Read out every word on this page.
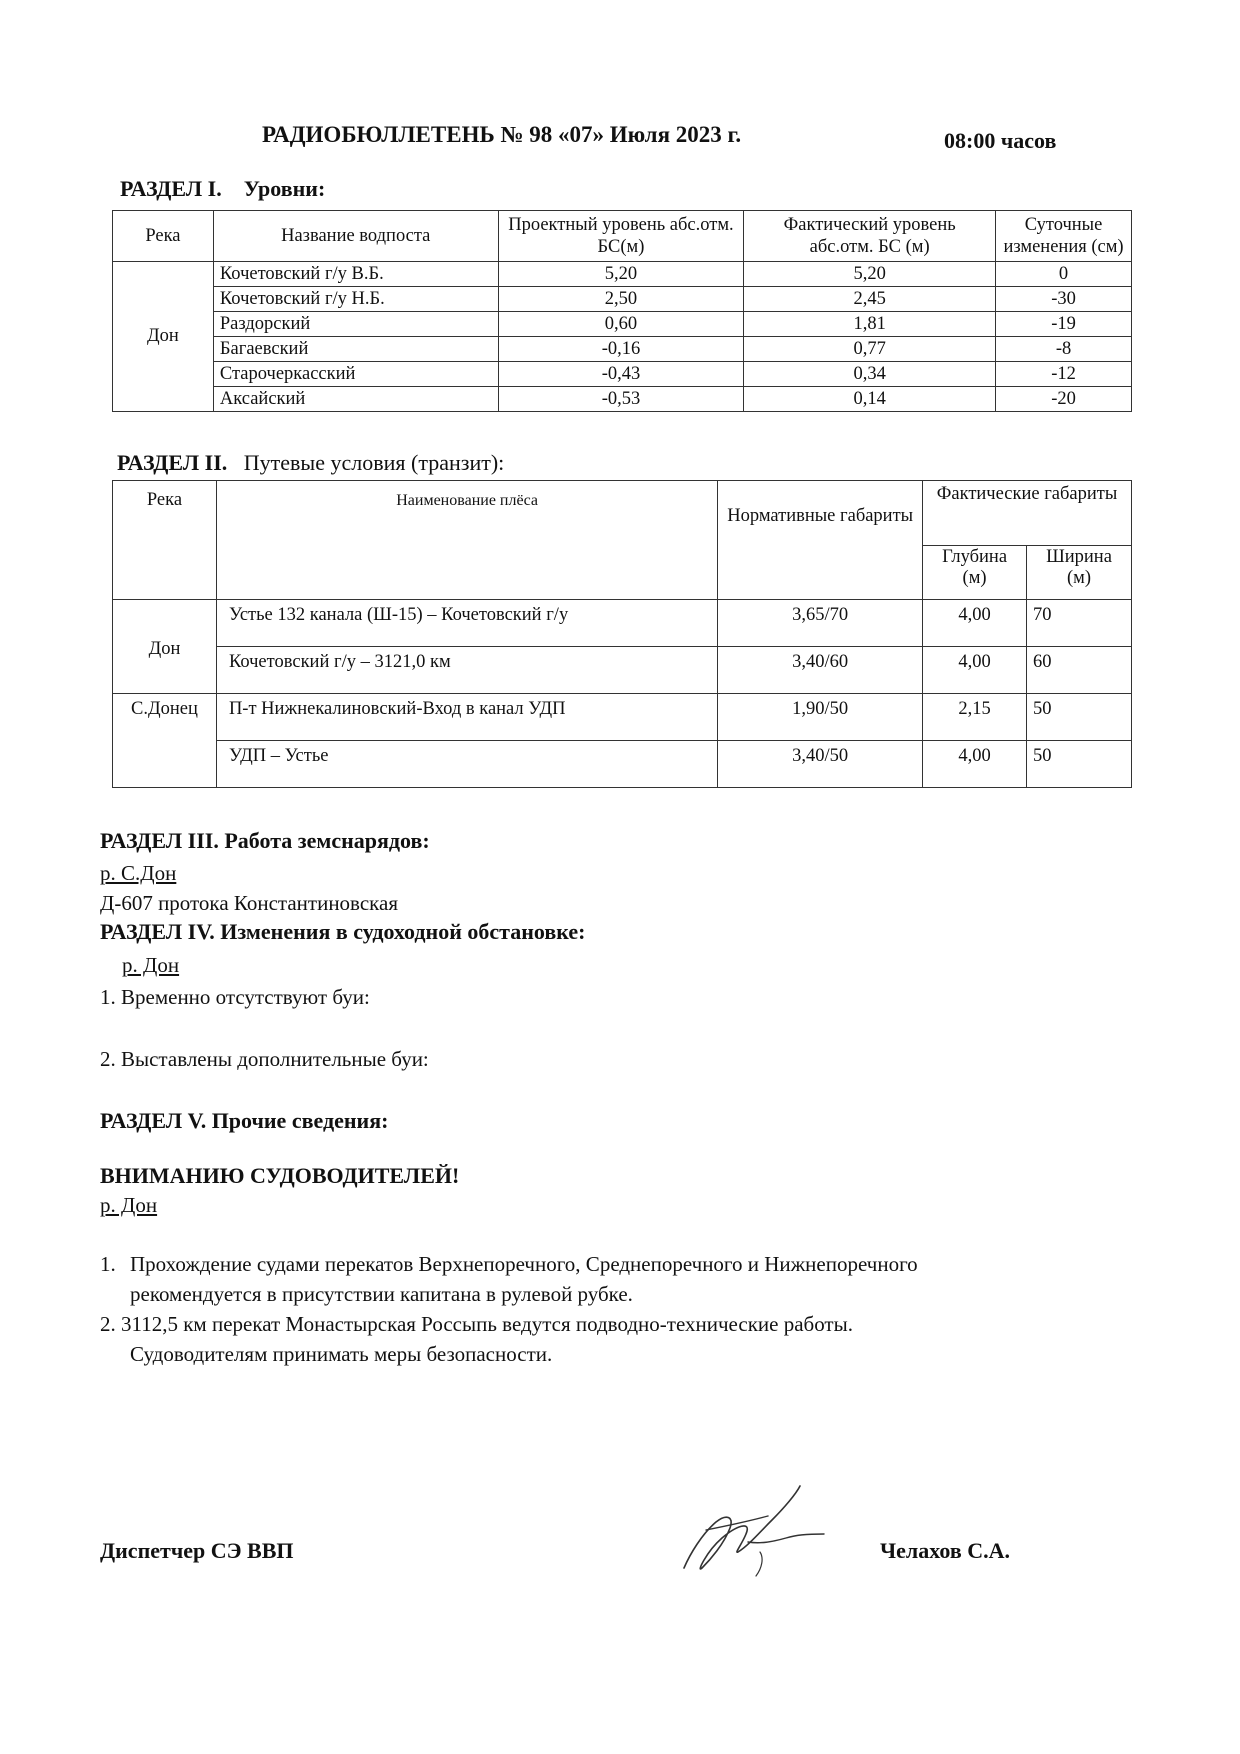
РАДИОБЮЛЛЕТЕНЬ № 98 «07» Июля 2023 г.	08:00 часов
РАЗДЕЛ I. Уровни:
Река	Название водпоста	Проектный уровень абс.отм. БС(м)	Фактический уровень абс.отм. БС (м)	Суточные изменения (см)
Дон	Кочетовский г/у В.Б.	5,20	5,20	0
	Кочетовский г/у Н.Б.	2,50	2,45	-30
	Раздорский	0,60	1,81	-19
	Багаевский	-0,16	0,77	-8
	Старочеркасский	-0,43	0,34	-12
	Аксайский	-0,53	0,14	-20
РАЗДЕЛ II. Путевые условия (транзит):
Река	Наименование плёса	Нормативные габариты	Фактические габариты	
			Глубина (м)	Ширина (м)
Дон	Устье 132 канала (Ш-15) – Кочетовский г/у	3,65/70	4,00	70
	Кочетовский г/у – 3121,0 км	3,40/60	4,00	60
С.Донец	П-т Нижнекалиновский-Вход в канал УДП	1,90/50	2,15	50
	УДП – Устье	3,40/50	4,00	50
РАЗДЕЛ III. Работа земснарядов:
р. С.Дон
Д-607 протока Константиновская
РАЗДЕЛ IV. Изменения в судоходной обстановке:
р. Дон
1. Временно отсутствуют буи:
2. Выставлены дополнительные буи:
РАЗДЕЛ V. Прочие сведения:
ВНИМАНИЮ СУДОВОДИТЕЛЕЙ!
р. Дон
1. Прохождение судами перекатов Верхнепоречного, Среднепоречного и Нижнепоречного
рекомендуется в присутствии капитана в рулевой рубке.
2. 3112,5 км перекат Монастырская Россыпь ведутся подводно-технические работы.
Судоводителям принимать меры безопасности.
Диспетчер СЭ ВВП	Челахов С.А.
